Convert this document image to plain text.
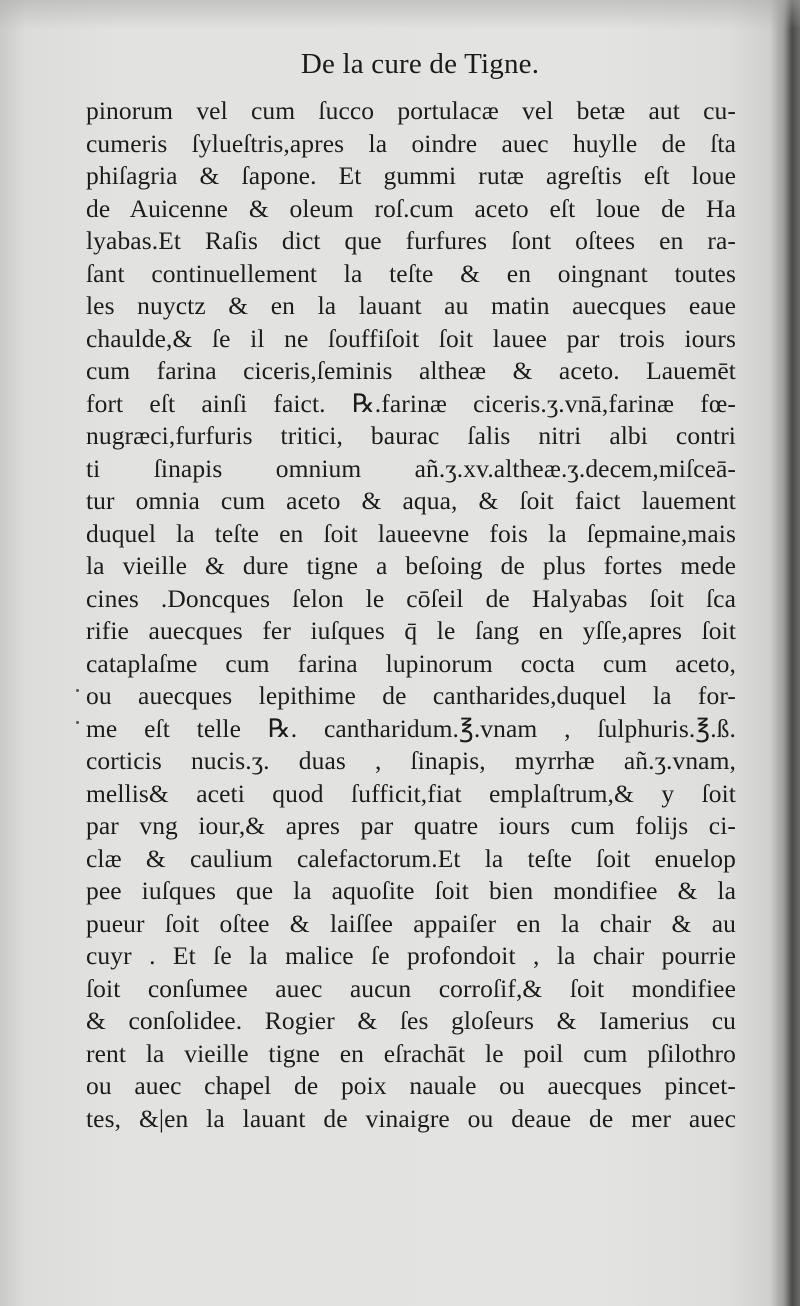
De la cure de Tigne.
pinorum vel cum ſucco portulacæ vel betæ aut cu-
cumeris ſylueſtris,apres la oindre auec huylle de ſta
phiſagria & ſapone. Et gummi rutæ agreſtis eſt loue
de Auicenne & oleum roſ.cum aceto eſt loue de Ha
lyabas.Et Raſis dict que furfures ſont oſtees en ra-
ſant continuellement la teſte & en oingnant toutes
les nuyctz & en la lauant au matin auecques eaue
chaulde,& ſe il ne ſouffiſoit ſoit lauee par trois iours
cum farina ciceris,ſeminis altheæ & aceto. Lauemēt
fort eſt ainſi faict. ℞.farinæ ciceris.ʒ.vnā,farinæ fœ-
nugræci,furfuris tritici, baurac ſalis nitri albi contri
ti ſinapis omnium añ.ʒ.xv.altheæ.ʒ.decem,miſceā-
tur omnia cum aceto & aqua, & ſoit faict lauement
duquel la teſte en ſoit laueevne fois la ſepmaine,mais
la vieille & dure tigne a beſoing de plus fortes mede
cines .Doncques ſelon le cōſeil de Halyabas ſoit ſca
rifie auecques fer iuſques q̄ le ſang en yſſe,apres ſoit
cataplaſme cum farina lupinorum cocta cum aceto,
ou auecques lepithime de cantharides,duquel la for-
me eſt telle ℞. cantharidum.℥.vnam , ſulphuris.℥.ß.
corticis nucis.ʒ. duas , ſinapis, myrrhæ añ.ʒ.vnam,
mellis& aceti quod ſufficit,fiat emplaſtrum,& y ſoit
par vng iour,& apres par quatre iours cum folijs ci-
clæ & caulium calefactorum.Et la teſte ſoit enuelop
pee iuſques que la aquoſite ſoit bien mondifiee & la
pueur ſoit oſtee & laiſſee appaiſer en la chair & au
cuyr . Et ſe la malice ſe profondoit , la chair pourrie
ſoit conſumee auec aucun corroſif,& ſoit mondifiee
& conſolidee. Rogier & ſes gloſeurs & Iamerius cu
rent la vieille tigne en eſrachāt le poil cum pſilothro
ou auec chapel de poix nauale ou auecques pincet-
tes, &|en la lauant de vinaigre ou deaue de mer auec
